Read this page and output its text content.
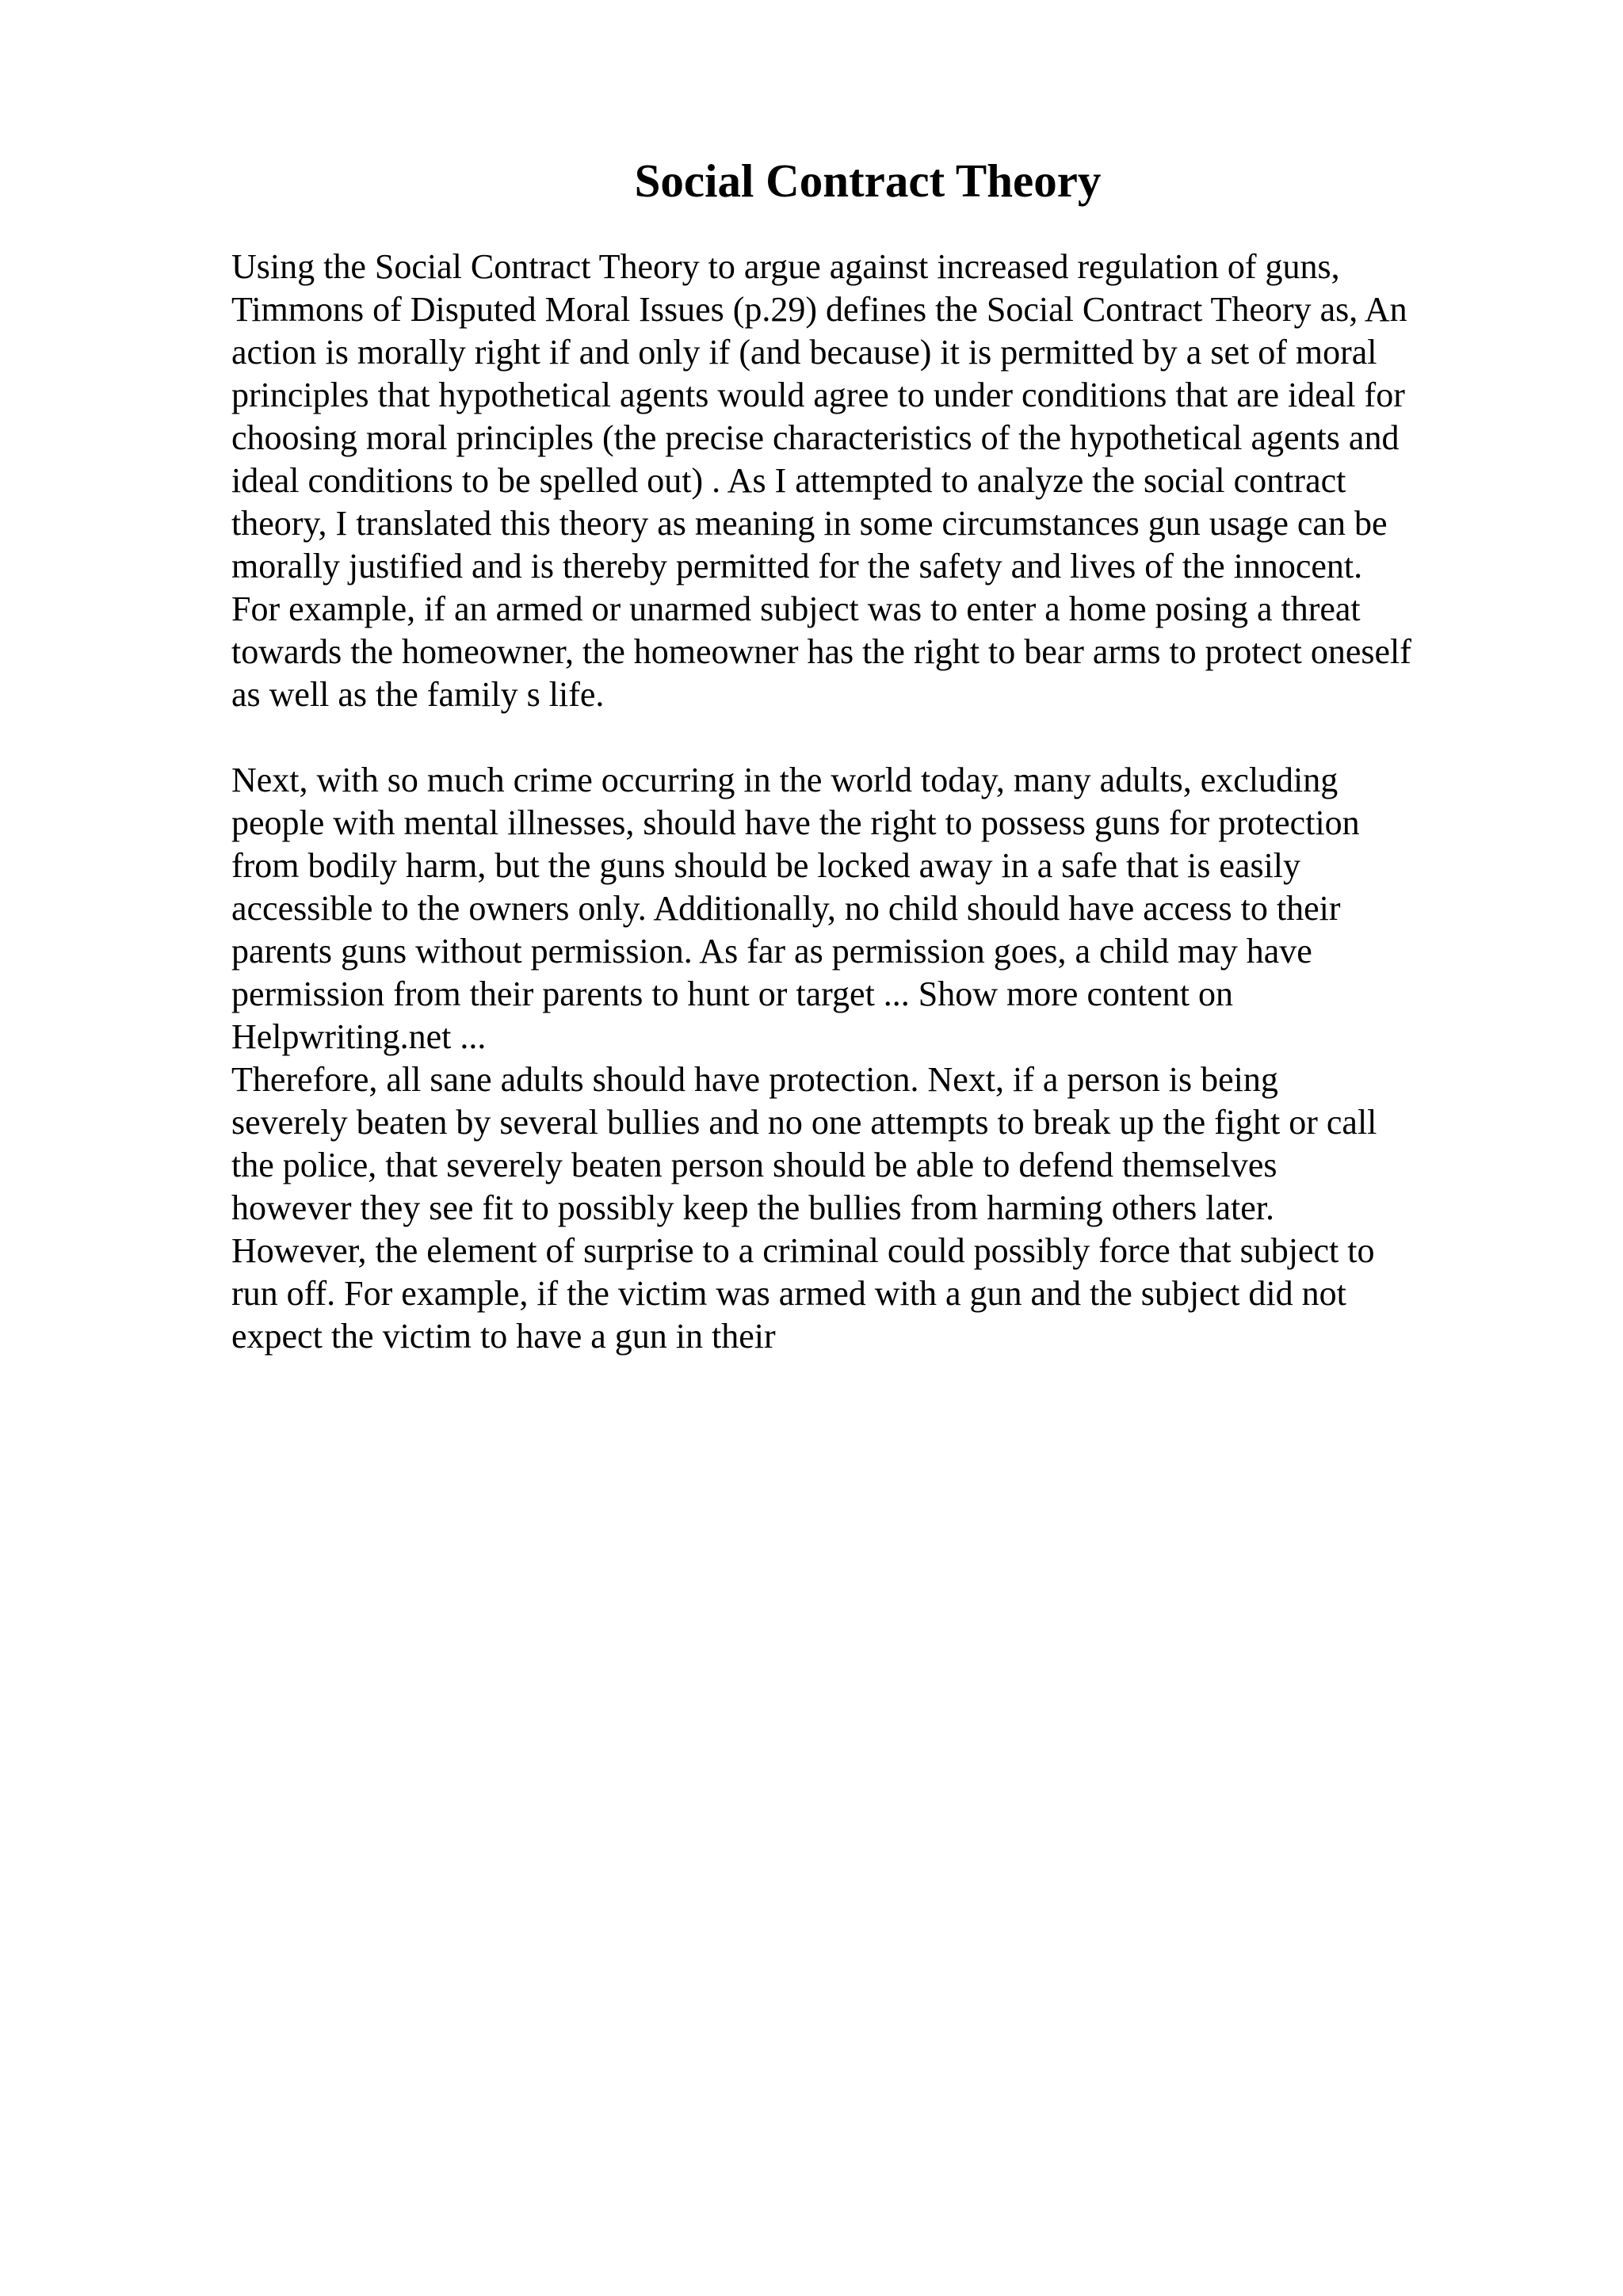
Social Contract Theory

Using the Social Contract Theory to argue against increased regulation of guns,

Timmons of Disputed Moral Issues (p.29) defines the Social Contract Theory as, An

action is morally right if and only if (and because) it is permitted by a set of moral

principles that hypothetical agents would agree to under conditions that are ideal for

choosing moral principles (the precise characteristics of the hypothetical agents and

ideal conditions to be spelled out) . As I attempted to analyze the social contract

theory, I translated this theory as meaning in some circumstances gun usage can be

morally justified and is thereby permitted for the safety and lives of the innocent.

For example, if an armed or unarmed subject was to enter a home posing a threat

towards the homeowner, the homeowner has the right to bear arms to protect oneself

as well as the family s life.

Next, with so much crime occurring in the world today, many adults, excluding

people with mental illnesses, should have the right to possess guns for protection

from bodily harm, but the guns should be locked away in a safe that is easily

accessible to the owners only. Additionally, no child should have access to their

parents guns without permission. As far as permission goes, a child may have

permission from their parents to hunt or target ... Show more content on

Helpwriting.net ...

Therefore, all sane adults should have protection. Next, if a person is being

severely beaten by several bullies and no one attempts to break up the fight or call

the police, that severely beaten person should be able to defend themselves

however they see fit to possibly keep the bullies from harming others later.

However, the element of surprise to a criminal could possibly force that subject to

run off. For example, if the victim was armed with a gun and the subject did not

expect the victim to have a gun in their
